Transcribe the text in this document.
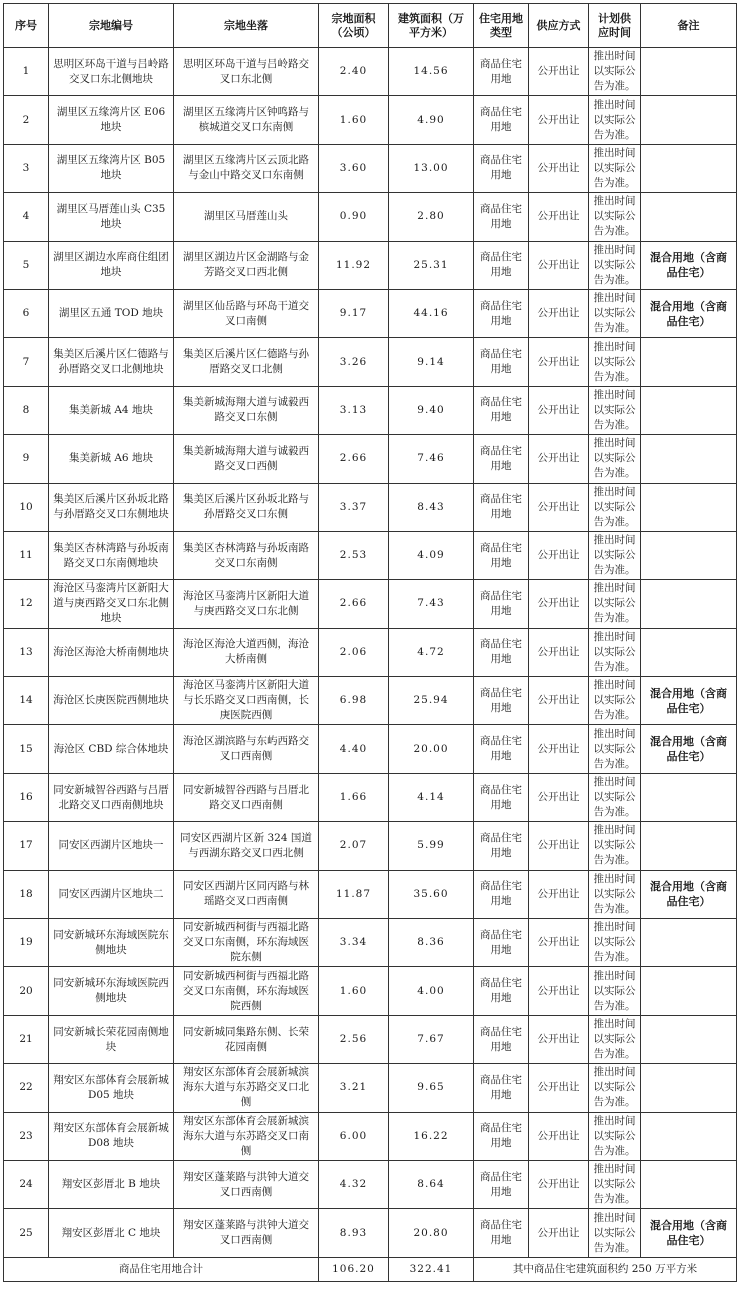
序号	宗地编号	宗地坐落	宗地面积（公顷）	建筑面积（万平方米）	住宅用地类型	供应方式	计划供应时间	备注
1	思明区环岛干道与吕岭路交叉口东北侧地块	思明区环岛干道与吕岭路交叉口东北侧	2.40	14.56	商品住宅用地	公开出让	推出时间以实际公告为准。	
2	湖里区五缘湾片区 E06 地块	湖里区五缘湾片区钟鸣路与槟城道交叉口东南侧	1.60	4.90	商品住宅用地	公开出让	推出时间以实际公告为准。	
3	湖里区五缘湾片区 B05 地块	湖里区五缘湾片区云顶北路与金山中路交叉口东南侧	3.60	13.00	商品住宅用地	公开出让	推出时间以实际公告为准。	
4	湖里区马厝莲山头 C35 地块	湖里区马厝莲山头	0.90	2.80	商品住宅用地	公开出让	推出时间以实际公告为准。	
5	湖里区湖边水库商住组团地块	湖里区湖边片区金湖路与金芳路交叉口西北侧	11.92	25.31	商品住宅用地	公开出让	推出时间以实际公告为准。	混合用地（含商品住宅）
6	湖里区五通 TOD 地块	湖里区仙岳路与环岛干道交叉口南侧	9.17	44.16	商品住宅用地	公开出让	推出时间以实际公告为准。	混合用地（含商品住宅）
7	集美区后溪片区仁德路与孙厝路交叉口北侧地块	集美区后溪片区仁德路与孙厝路交叉口北侧	3.26	9.14	商品住宅用地	公开出让	推出时间以实际公告为准。	
8	集美新城 A4 地块	集美新城海翔大道与诚毅西路交叉口东侧	3.13	9.40	商品住宅用地	公开出让	推出时间以实际公告为准。	
9	集美新城 A6 地块	集美新城海翔大道与诚毅西路交叉口西侧	2.66	7.46	商品住宅用地	公开出让	推出时间以实际公告为准。	
10	集美区后溪片区孙坂北路与孙厝路交叉口东侧地块	集美区后溪片区孙坂北路与孙厝路交叉口东侧	3.37	8.43	商品住宅用地	公开出让	推出时间以实际公告为准。	
11	集美区杏林湾路与孙坂南路交叉口东南侧地块	集美区杏林湾路与孙坂南路交叉口东南侧	2.53	4.09	商品住宅用地	公开出让	推出时间以实际公告为准。	
12	海沧区马銮湾片区新阳大道与庚西路交叉口东北侧地块	海沧区马銮湾片区新阳大道与庚西路交叉口东北侧	2.66	7.43	商品住宅用地	公开出让	推出时间以实际公告为准。	
13	海沧区海沧大桥南侧地块	海沧区海沧大道西侧，海沧大桥南侧	2.06	4.72	商品住宅用地	公开出让	推出时间以实际公告为准。	
14	海沧区长庚医院西侧地块	海沧区马銮湾片区新阳大道与长乐路交叉口西南侧，长庚医院西侧	6.98	25.94	商品住宅用地	公开出让	推出时间以实际公告为准。	混合用地（含商品住宅）
15	海沧区 CBD 综合体地块	海沧区湖滨路与东屿西路交叉口西南侧	4.40	20.00	商品住宅用地	公开出让	推出时间以实际公告为准。	混合用地（含商品住宅）
16	同安新城智谷西路与吕厝北路交叉口西南侧地块	同安新城智谷西路与吕厝北路交叉口西南侧	1.66	4.14	商品住宅用地	公开出让	推出时间以实际公告为准。	
17	同安区西湖片区地块一	同安区西湖片区新 324 国道与西湖东路交叉口西北侧	2.07	5.99	商品住宅用地	公开出让	推出时间以实际公告为准。	
18	同安区西湖片区地块二	同安区西湖片区同丙路与林瑶路交叉口西南侧	11.87	35.60	商品住宅用地	公开出让	推出时间以实际公告为准。	混合用地（含商品住宅）
19	同安新城环东海域医院东侧地块	同安新城西柯街与西福北路交叉口东南侧，环东海域医院东侧	3.34	8.36	商品住宅用地	公开出让	推出时间以实际公告为准。	
20	同安新城环东海域医院西侧地块	同安新城西柯街与西福北路交叉口东南侧，环东海域医院西侧	1.60	4.00	商品住宅用地	公开出让	推出时间以实际公告为准。	
21	同安新城长荣花园南侧地块	同安新城同集路东侧、长荣花园南侧	2.56	7.67	商品住宅用地	公开出让	推出时间以实际公告为准。	
22	翔安区东部体育会展新城 D05 地块	翔安区东部体育会展新城滨海东大道与东苏路交叉口北侧	3.21	9.65	商品住宅用地	公开出让	推出时间以实际公告为准。	
23	翔安区东部体育会展新城 D08 地块	翔安区东部体育会展新城滨海东大道与东苏路交叉口南侧	6.00	16.22	商品住宅用地	公开出让	推出时间以实际公告为准。	
24	翔安区彭厝北 B 地块	翔安区蓬莱路与洪钟大道交叉口西南侧	4.32	8.64	商品住宅用地	公开出让	推出时间以实际公告为准。	
25	翔安区彭厝北 C 地块	翔安区蓬莱路与洪钟大道交叉口西南侧	8.93	20.80	商品住宅用地	公开出让	推出时间以实际公告为准。	混合用地（含商品住宅）
商品住宅用地合计			106.20	322.41	其中商品住宅建筑面积约 250 万平方米			
